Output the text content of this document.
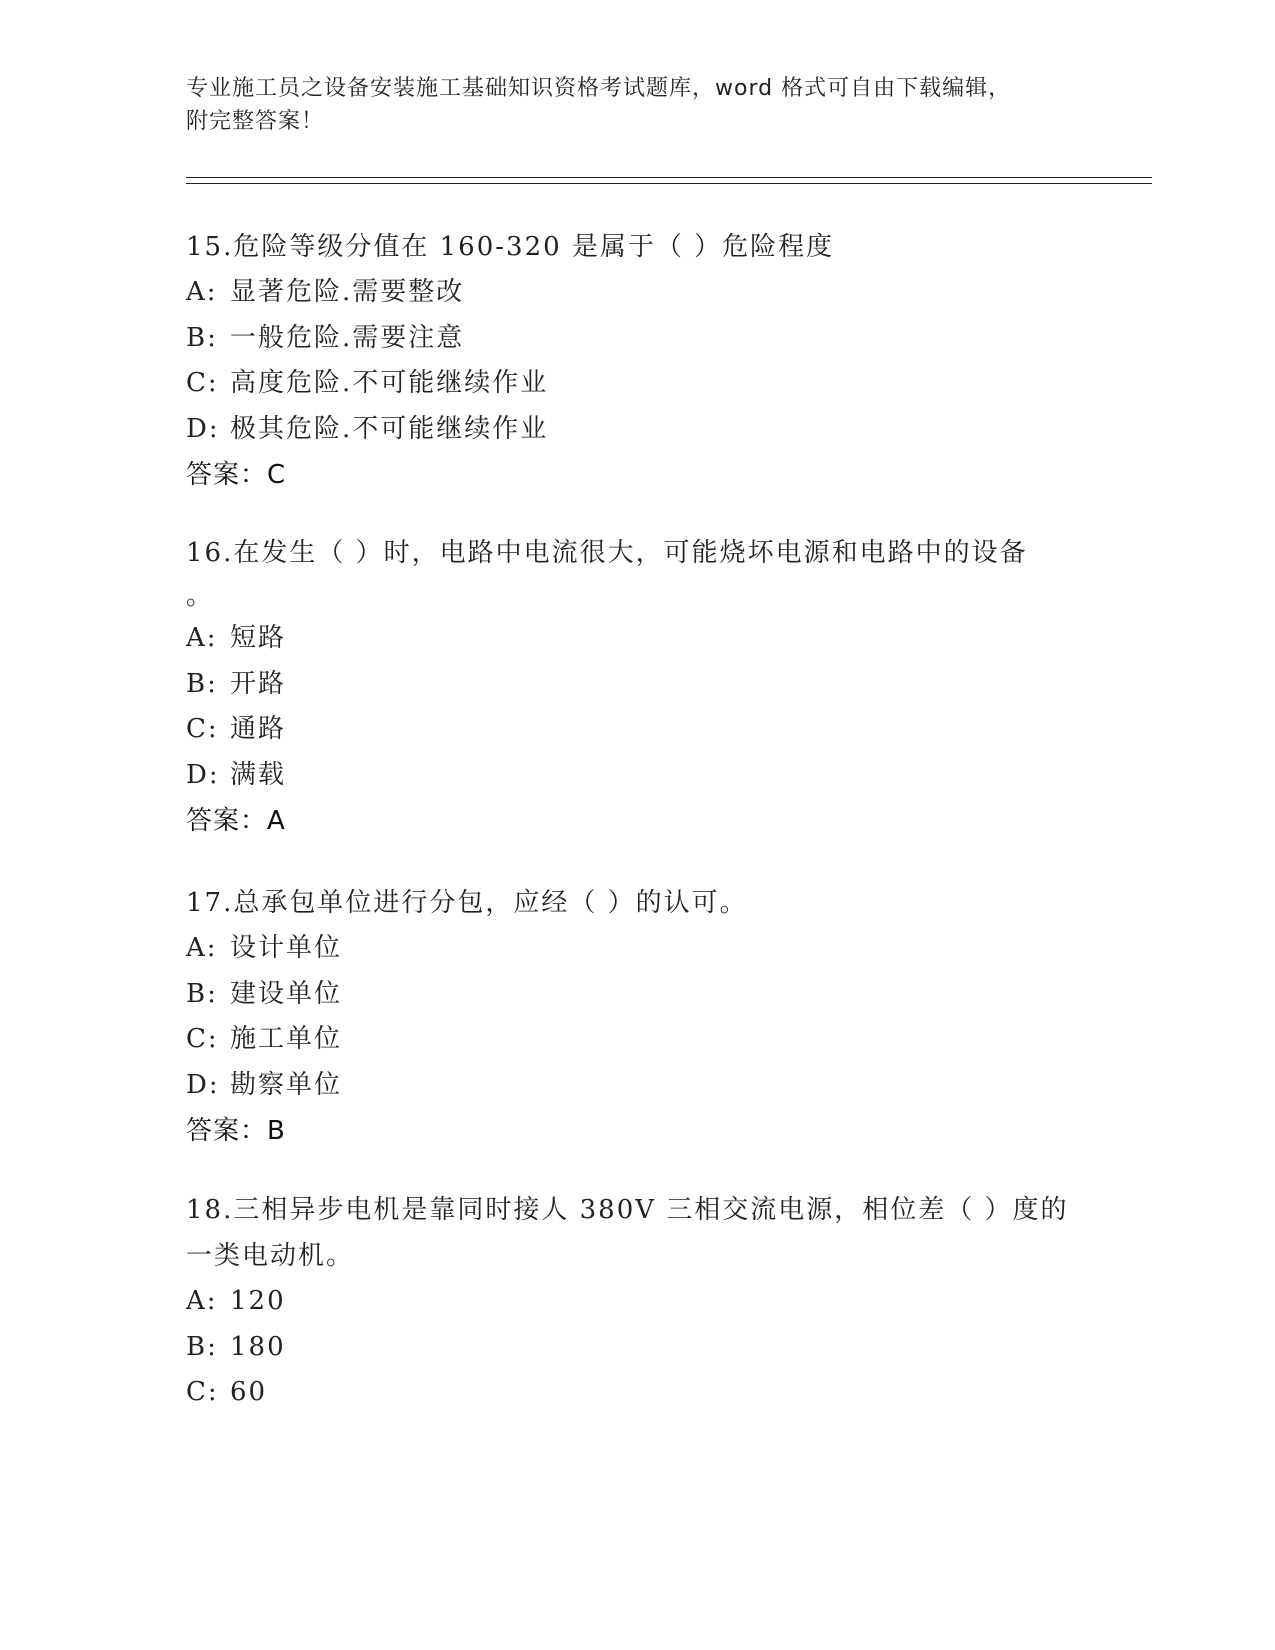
专业施工员之设备安装施工基础知识资格考试题库，word 格式可自由下载编辑，
附完整答案！
15.危险等级分值在 160-320 是属于（ ）危险程度
A: 显著危险.需要整改
B: 一般危险.需要注意
C: 高度危险.不可能继续作业
D: 极其危险.不可能继续作业
答案：C
16.在发生（ ）时，电路中电流很大，可能烧坏电源和电路中的设备
。
A: 短路
B: 开路
C: 通路
D: 满载
答案：A
17.总承包单位进行分包，应经（ ）的认可。
A: 设计单位
B: 建设单位
C: 施工单位
D: 勘察单位
答案：B
18.三相异步电机是靠同时接人 380V 三相交流电源，相位差（ ）度的
一类电动机。
A: 120
B: 180
C: 60
